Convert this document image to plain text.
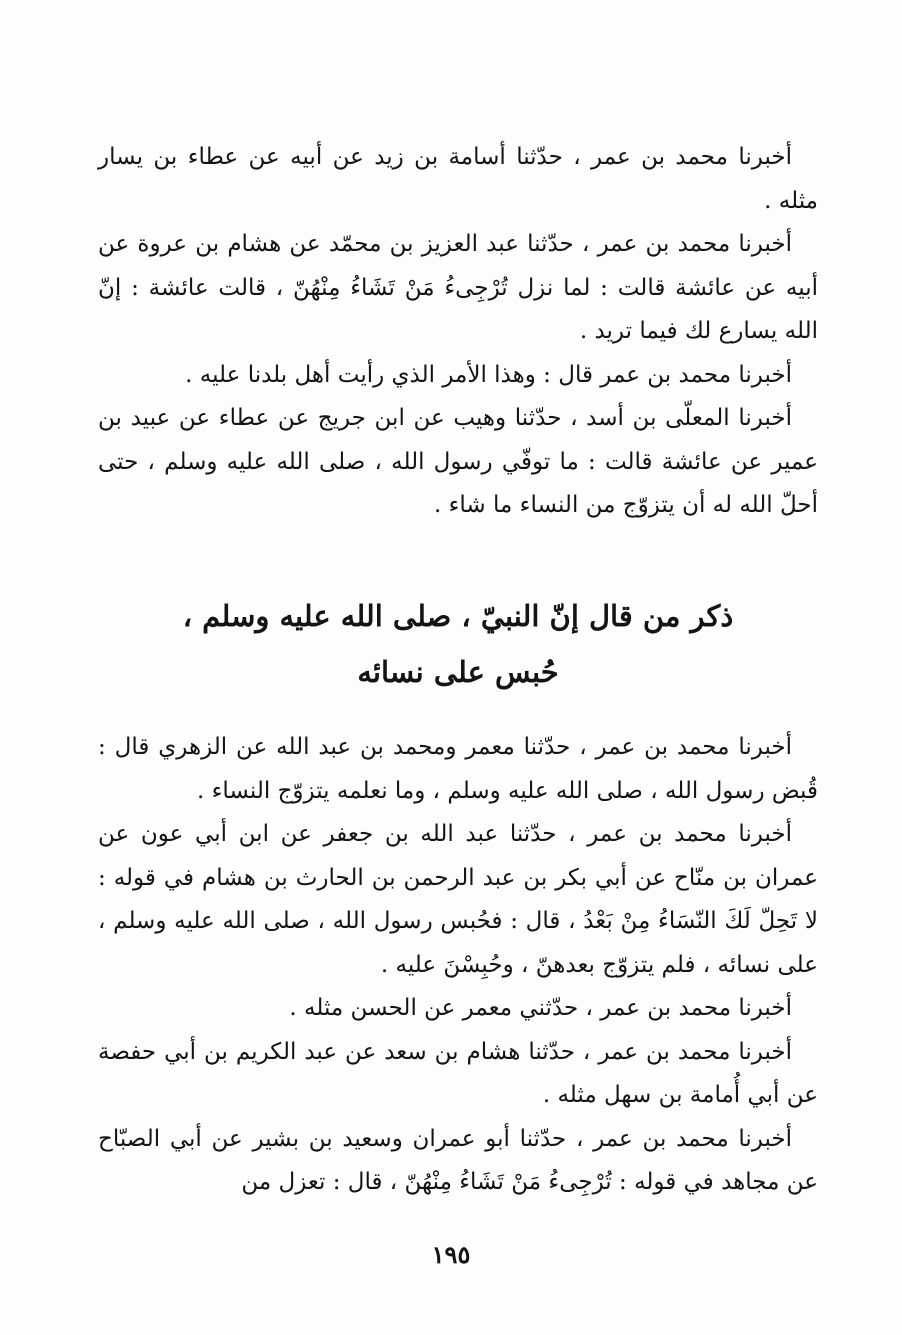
أخبرنا محمد بن عمر ، حدّثنا أسامة بن زيد عن أبيه عن عطاء بن يسار مثله .

أخبرنا محمد بن عمر ، حدّثنا عبد العزيز بن محمّد عن هشام بن عروة عن أبيه عن عائشة قالت : لما نزل تُرْجِىءُ مَنْ تَشَاءُ مِنْهُنّ ، قالت عائشة : إنّ الله يسارع لك فيما تريد .

أخبرنا محمد بن عمر قال : وهذا الأمر الذي رأيت أهل بلدنا عليه .

أخبرنا المعلّى بن أسد ، حدّثنا وهيب عن ابن جريج عن عطاء عن عبيد بن عمير عن عائشة قالت : ما توفّي رسول الله ، صلى الله عليه وسلم ، حتى أحلّ الله له أن يتزوّج من النساء ما شاء .

ذكر من قال إنّ النبيّ ، صلى الله عليه وسلم ،
حُبس على نسائه

أخبرنا محمد بن عمر ، حدّثنا معمر ومحمد بن عبد الله عن الزهري قال : قُبض رسول الله ، صلى الله عليه وسلم ، وما نعلمه يتزوّج النساء .

أخبرنا محمد بن عمر ، حدّثنا عبد الله بن جعفر عن ابن أبي عون عن عمران بن منّاح عن أبي بكر بن عبد الرحمن بن الحارث بن هشام في قوله : لا تَحِلّ لَكَ النّسَاءُ مِنْ بَعْدُ ، قال : فحُبس رسول الله ، صلى الله عليه وسلم ، على نسائه ، فلم يتزوّج بعدهنّ ، وحُبِسْنَ عليه .

أخبرنا محمد بن عمر ، حدّثني معمر عن الحسن مثله .

أخبرنا محمد بن عمر ، حدّثنا هشام بن سعد عن عبد الكريم بن أبي حفصة عن أبي أُمامة بن سهل مثله .

أخبرنا محمد بن عمر ، حدّثنا أبو عمران وسعيد بن بشير عن أبي الصبّاح عن مجاهد في قوله : تُرْجِىءُ مَنْ تَشَاءُ مِنْهُنّ ، قال : تعزل من

١٩٥
